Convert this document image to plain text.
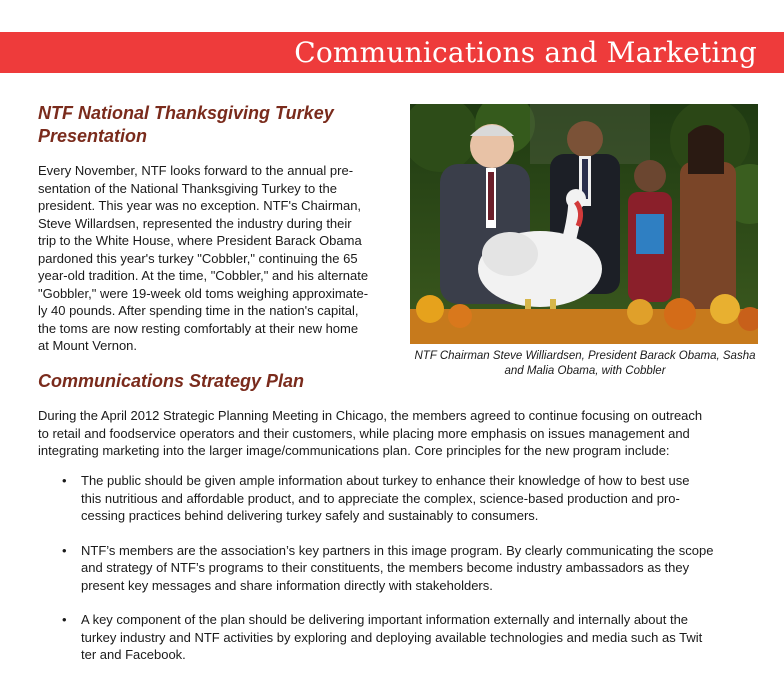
Communications and Marketing
NTF National Thanksgiving Turkey
Presentation
Every November, NTF looks forward to the annual pre-
sentation of the National Thanksgiving Turkey to the
president. This year was no exception. NTF's Chairman,
Steve Willardsen, represented the industry during their
trip to the White House, where President Barack Obama
pardoned this year's turkey "Cobbler," continuing the 65
year-old tradition. At the time, "Cobbler," and his alternate
"Gobbler," were 19-week old toms weighing approximate-
ly 40 pounds. After spending time in the nation's capital,
the toms are now resting comfortably at their new home
at Mount Vernon.
NTF Chairman Steve Williardsen, President Barack Obama, Sasha
and Malia Obama, with Cobbler
Communications Strategy Plan
During the April 2012 Strategic Planning Meeting in Chicago, the members agreed to continue focusing on outreach
to retail and foodservice operators and their customers, while placing more emphasis on issues management and
integrating marketing into the larger image/communications plan. Core principles for the new program include:
• The public should be given ample information about turkey to enhance their knowledge of how to best use
this nutritious and affordable product, and to appreciate the complex, science-based production and pro-
cessing practices behind delivering turkey safely and sustainably to consumers.
• NTF’s members are the association’s key partners in this image program. By clearly communicating the scope
and strategy of NTF’s programs to their constituents, the members become industry ambassadors as they
present key messages and share information directly with stakeholders.
• A key component of the plan should be delivering important information externally and internally about the
turkey industry and NTF activities by exploring and deploying available technologies and media such as Twit
ter and Facebook.
